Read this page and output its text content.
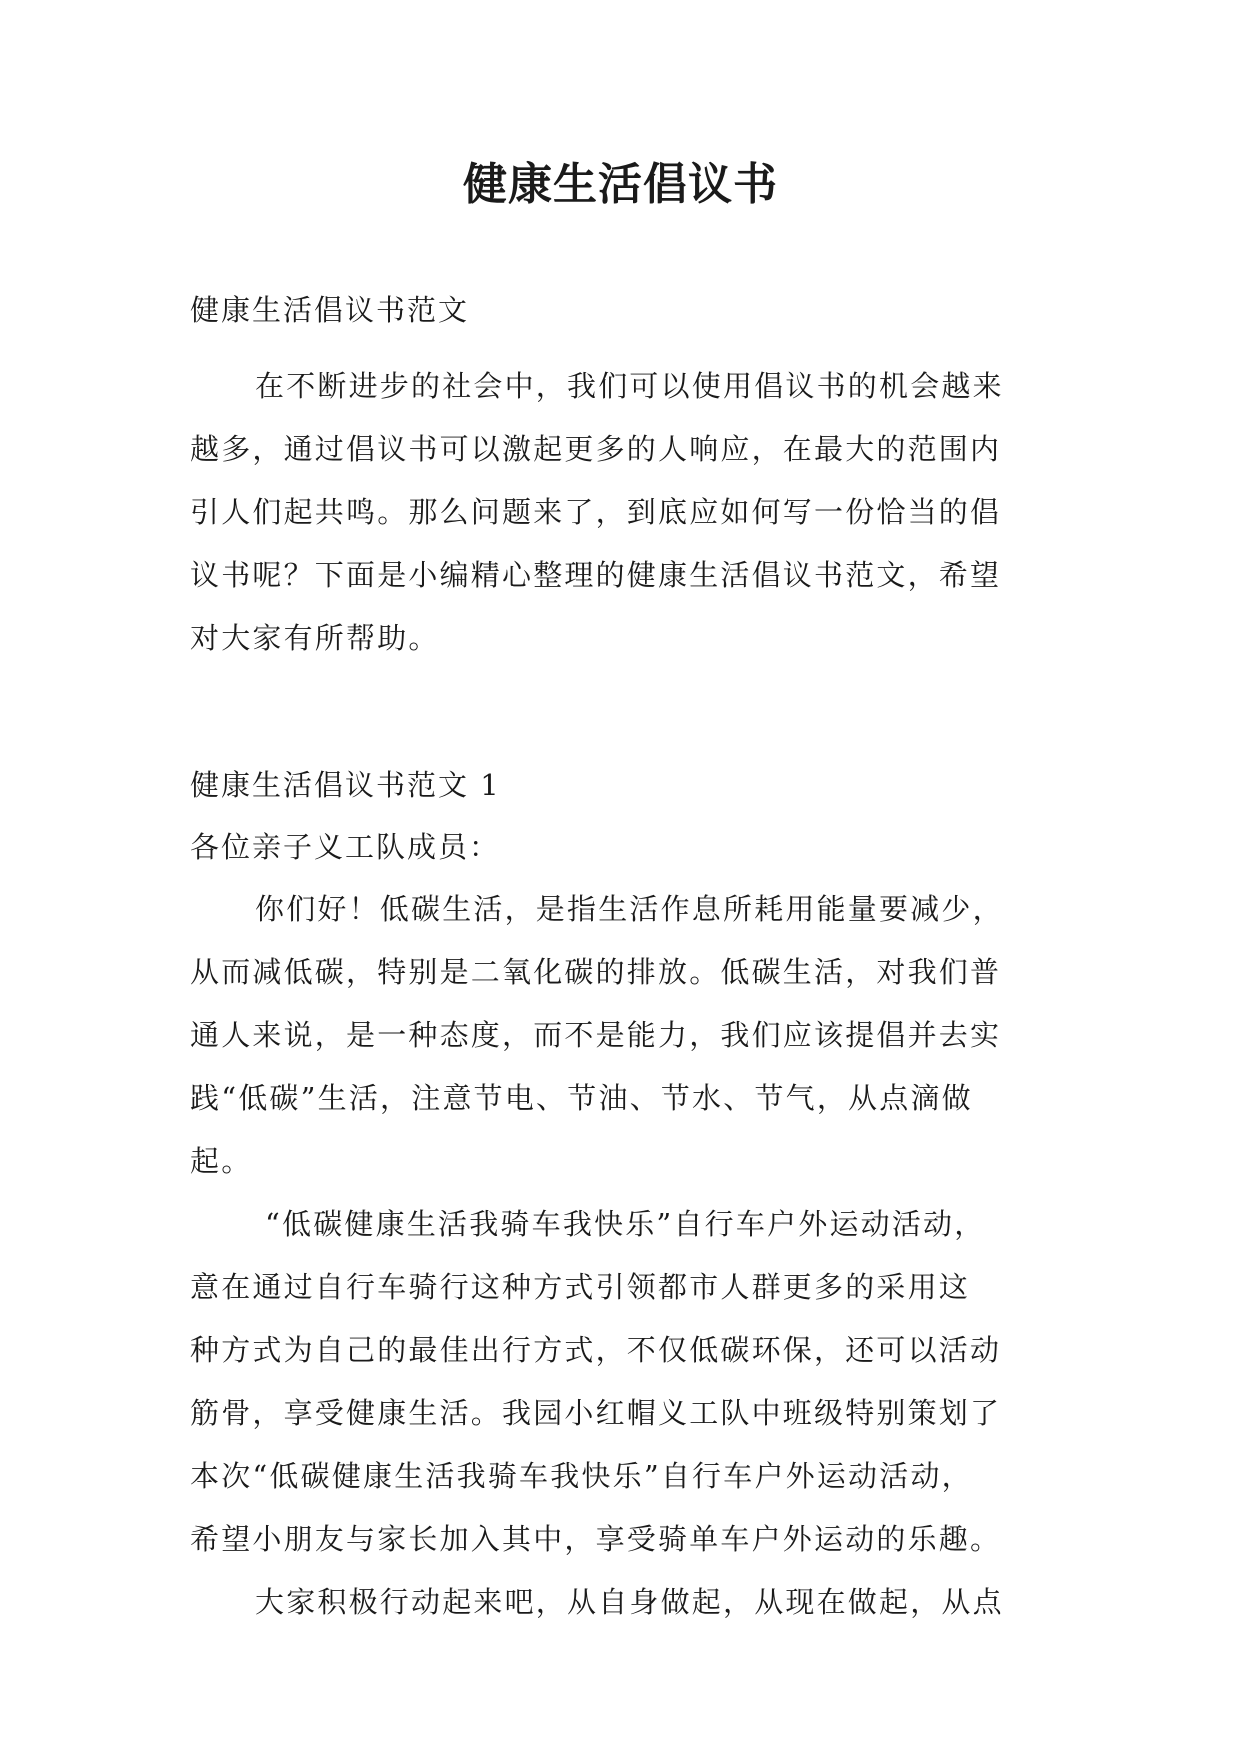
健康生活倡议书

健康生活倡议书范文

在不断进步的社会中，我们可以使用倡议书的机会越来
越多，通过倡议书可以激起更多的人响应，在最大的范围内
引人们起共鸣。那么问题来了，到底应如何写一份恰当的倡
议书呢？下面是小编精心整理的健康生活倡议书范文，希望
对大家有所帮助。

健康生活倡议书范文 1

各位亲子义工队成员：

你们好！低碳生活，是指生活作息所耗用能量要减少，
从而减低碳，特别是二氧化碳的排放。低碳生活，对我们普
通人来说，是一种态度，而不是能力，我们应该提倡并去实
践“低碳”生活，注意节电、节油、节水、节气，从点滴做
起。
“低碳健康生活我骑车我快乐”自行车户外运动活动，
意在通过自行车骑行这种方式引领都市人群更多的采用这
种方式为自己的最佳出行方式，不仅低碳环保，还可以活动
筋骨，享受健康生活。我园小红帽义工队中班级特别策划了
本次“低碳健康生活我骑车我快乐”自行车户外运动活动，
希望小朋友与家长加入其中，享受骑单车户外运动的乐趣。
大家积极行动起来吧，从自身做起，从现在做起，从点
